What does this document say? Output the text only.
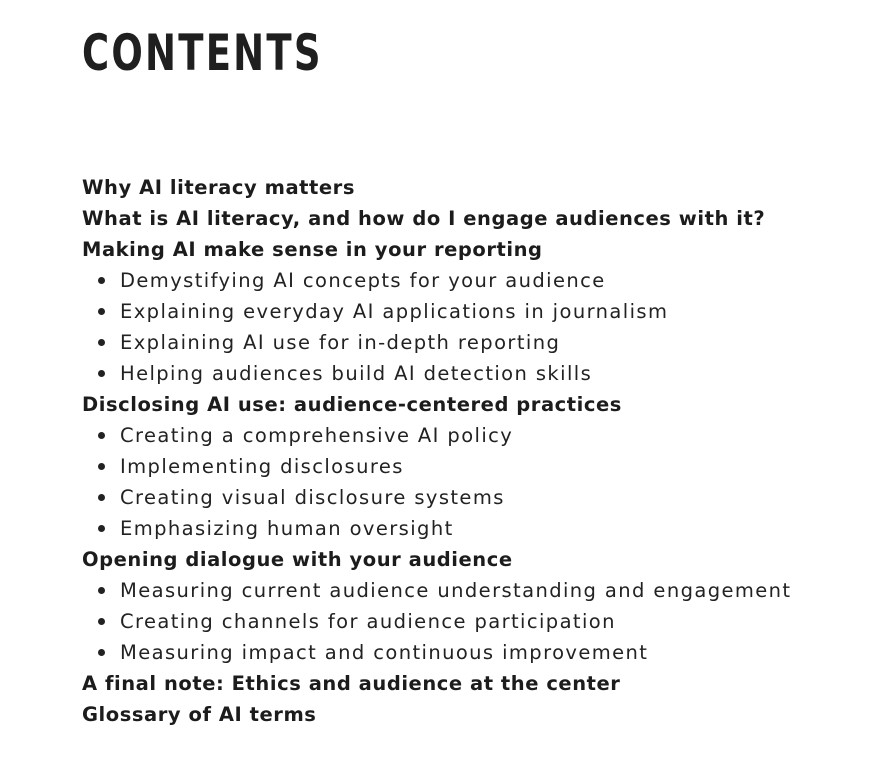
CONTENTS
Why AI literacy matters
What is AI literacy, and how do I engage audiences with it?
Making AI make sense in your reporting
Demystifying AI concepts for your audience
Explaining everyday AI applications in journalism
Explaining AI use for in-depth reporting
Helping audiences build AI detection skills
Disclosing AI use: audience-centered practices
Creating a comprehensive AI policy
Implementing disclosures
Creating visual disclosure systems
Emphasizing human oversight
Opening dialogue with your audience
Measuring current audience understanding and engagement
Creating channels for audience participation
Measuring impact and continuous improvement
A final note: Ethics and audience at the center
Glossary of AI terms
